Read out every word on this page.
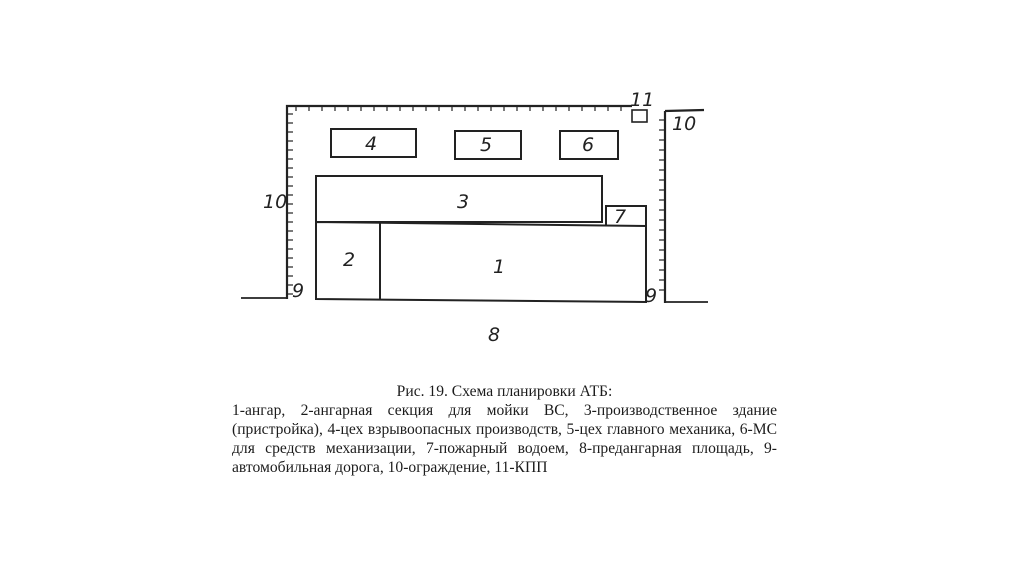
1
2
3
4	5	6
7
8
9	9
10
10
11
Рис. 19. Схема планировки АТБ:
1-ангар, 2-ангарная секция для мойки ВС, 3-производственное здание (пристройка), 4-цех взрывоопасных производств, 5-цех главного механика, 6-МС для средств механизации, 7-пожарный водоем, 8-предангарная площадь, 9-автомобильная дорога, 10-ограждение, 11-КПП
